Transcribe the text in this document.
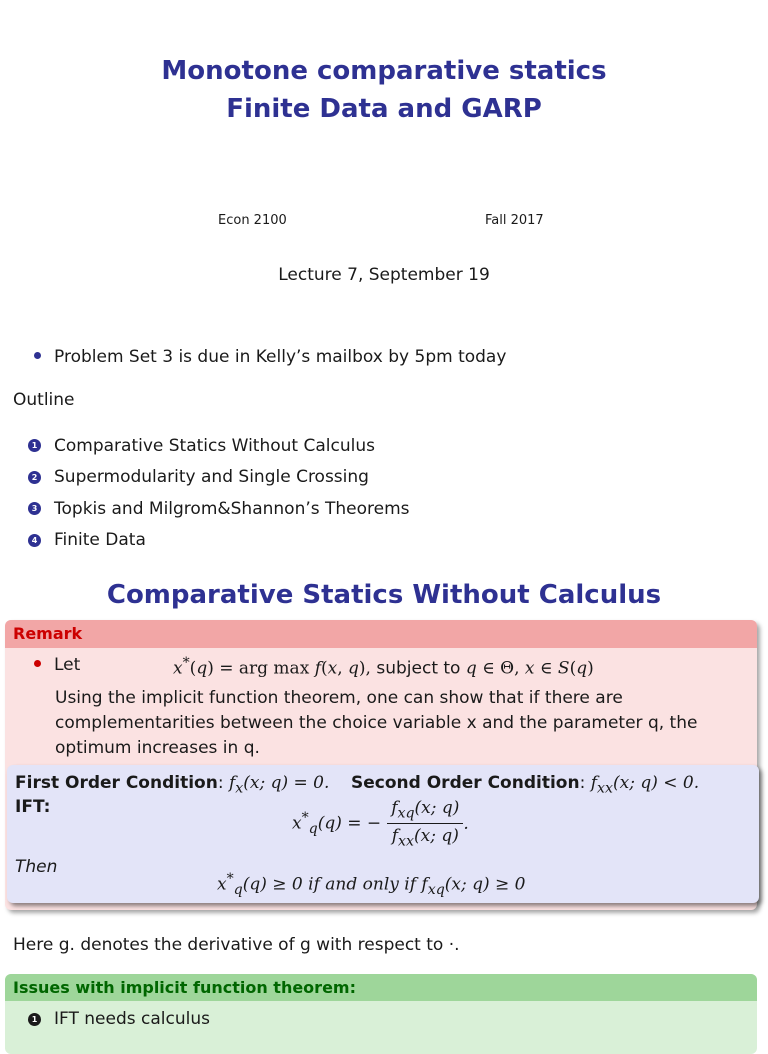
Monotone comparative statics
Finite Data and GARP
Econ 2100	Fall 2017
Lecture 7, September 19
Problem Set 3 is due in Kelly’s mailbox by 5pm today
Outline
1 Comparative Statics Without Calculus
2 Supermodularity and Single Crossing
3 Topkis and Milgrom&Shannon’s Theorems
4 Finite Data
Comparative Statics Without Calculus
Remark
Let	x*(q) = arg max f(x, q), subject to q ∈ Θ, x ∈ S(q)
Using the implicit function theorem, one can show that if there are complementarities between the choice variable x and the parameter q, the optimum increases in q.
First Order Condition: $f_x(x$; q) = 0. Second Order Condition: $f_{xx}(x$; q) < 0.
IFT:
$x^*_q(q)$ = − $\frac{f_{xq}(x; q)}{f_{xx}(x; q)}$ .
Then
$x^*_q(q) \ge 0$ if and only if $f_{xq}(x$; q) ≥ 0
Here g. denotes the derivative of g with respect to ·.
Issues with implicit function theorem:
1 IFT needs calculus
